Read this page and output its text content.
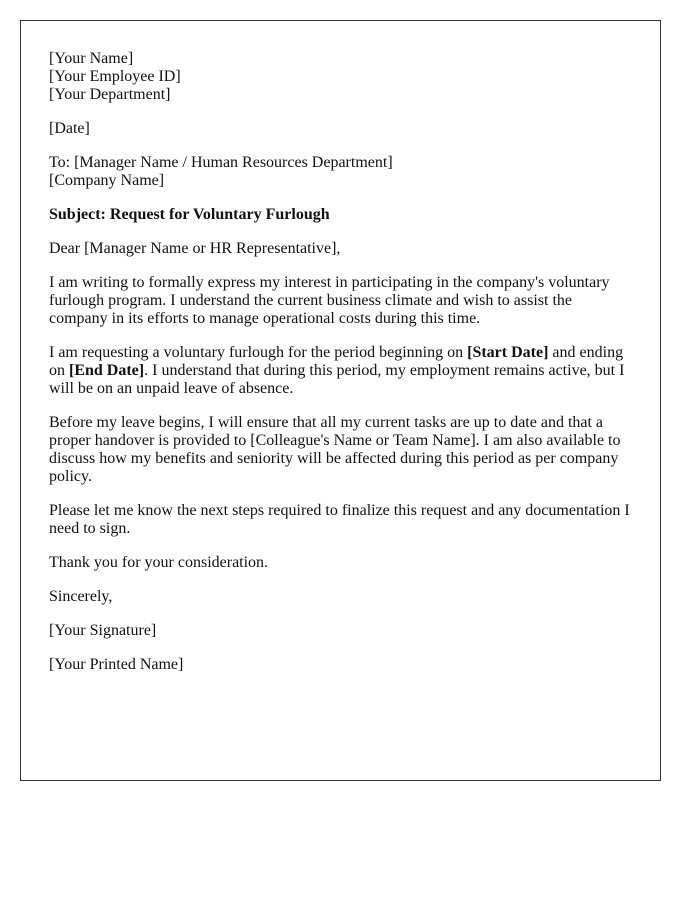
[Your Name]
[Your Employee ID]
[Your Department]

[Date]

To: [Manager Name / Human Resources Department]
[Company Name]

Subject: Request for Voluntary Furlough

Dear [Manager Name or HR Representative],

I am writing to formally express my interest in participating in the company's voluntary furlough program. I understand the current business climate and wish to assist the company in its efforts to manage operational costs during this time.

I am requesting a voluntary furlough for the period beginning on [Start Date] and ending on [End Date]. I understand that during this period, my employment remains active, but I will be on an unpaid leave of absence.

Before my leave begins, I will ensure that all my current tasks are up to date and that a proper handover is provided to [Colleague's Name or Team Name]. I am also available to discuss how my benefits and seniority will be affected during this period as per company policy.

Please let me know the next steps required to finalize this request and any documentation I need to sign.

Thank you for your consideration.

Sincerely,

[Your Signature]

[Your Printed Name]
